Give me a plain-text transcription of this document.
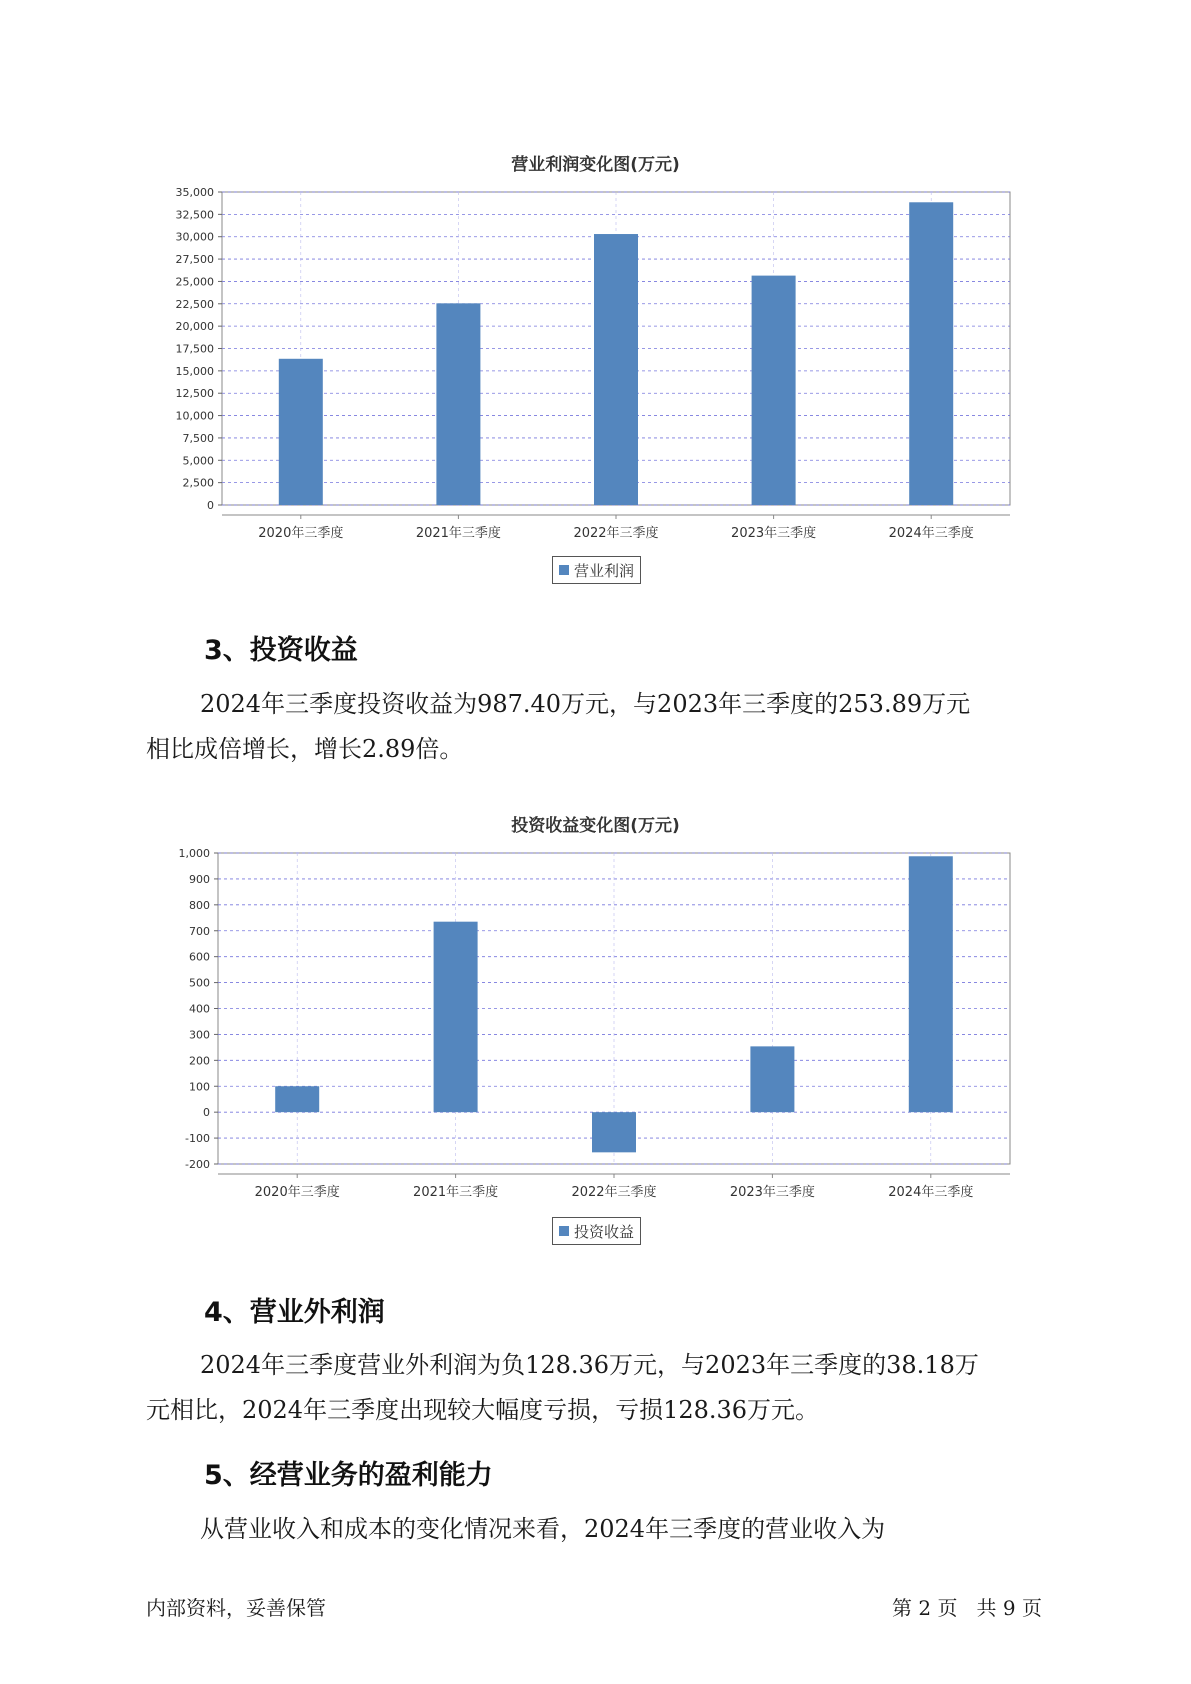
营业利润变化图(万元)
0
2,500
5,000
7,500
10,000
12,500
15,000
17,500
20,000
22,500
25,000
27,500
30,000
32,500
35,000
2020年三季度	2021年三季度	2022年三季度	2023年三季度	2024年三季度
营业利润
3、投资收益
2024年三季度投资收益为987.40万元，与2023年三季度的253.89万元
相比成倍增长，增长2.89倍。
投资收益变化图(万元)
-200
-100
0
100
200
300
400
500
600
700
800
900
1,000
2020年三季度	2021年三季度	2022年三季度	2023年三季度	2024年三季度
投资收益
4、营业外利润
2024年三季度营业外利润为负128.36万元，与2023年三季度的38.18万
元相比，2024年三季度出现较大幅度亏损，亏损128.36万元。
5、经营业务的盈利能力
从营业收入和成本的变化情况来看，2024年三季度的营业收入为
内部资料，妥善保管	第 2 页   共 9 页
